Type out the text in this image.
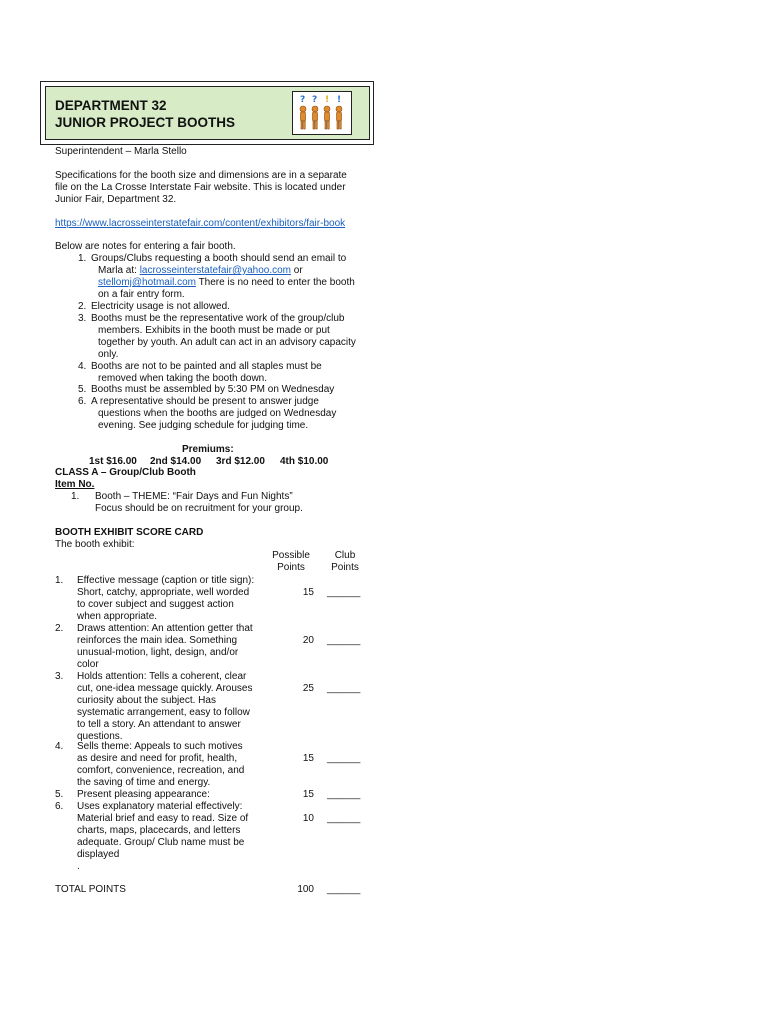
DEPARTMENT 32
JUNIOR PROJECT BOOTHS
? ? ! !
Superintendent – Marla Stello
Specifications for the booth size and dimensions are in a separate
file on the La Crosse Interstate Fair website. This is located under
Junior Fair, Department 32.
https://www.lacrosseinterstatefair.com/content/exhibitors/fair-book
Below are notes for entering a fair booth.
1. Groups/Clubs requesting a booth should send an email to
Marla at: lacrosseinterstatefair@yahoo.com or
stellomj@hotmail.com There is no need to enter the booth
on a fair entry form.
2. Electricity usage is not allowed.
3. Booths must be the representative work of the group/club
members. Exhibits in the booth must be made or put
together by youth. An adult can act in an advisory capacity
only.
4. Booths are not to be painted and all staples must be
removed when taking the booth down.
5. Booths must be assembled by 5:30 PM on Wednesday
6. A representative should be present to answer judge
questions when the booths are judged on Wednesday
evening. See judging schedule for judging time.
Premiums:
1st $16.00 2nd $14.00 3rd $12.00 4th $10.00
CLASS A – Group/Club Booth
Item No.
1. Booth – THEME: “Fair Days and Fun Nights”
Focus should be on recruitment for your group.
BOOTH EXHIBIT SCORE CARD
The booth exhibit:
Possible
Points
Club
Points
1. Effective message (caption or title sign):
Short, catchy, appropriate, well worded
to cover subject and suggest action
when appropriate.
15 ______
2. Draws attention: An attention getter that
reinforces the main idea. Something
unusual-motion, light, design, and/or
color
20 ______
3. Holds attention: Tells a coherent, clear
cut, one-idea message quickly. Arouses
curiosity about the subject. Has
systematic arrangement, easy to follow
to tell a story. An attendant to answer
questions.
25 ______
4. Sells theme: Appeals to such motives
as desire and need for profit, health,
comfort, convenience, recreation, and
the saving of time and energy.
15 ______
5. Present pleasing appearance:	15 ______
6. Uses explanatory material effectively:
Material brief and easy to read. Size of
charts, maps, placecards, and letters
adequate. Group/ Club name must be
displayed
.
10 ______
TOTAL POINTS	100 ______
